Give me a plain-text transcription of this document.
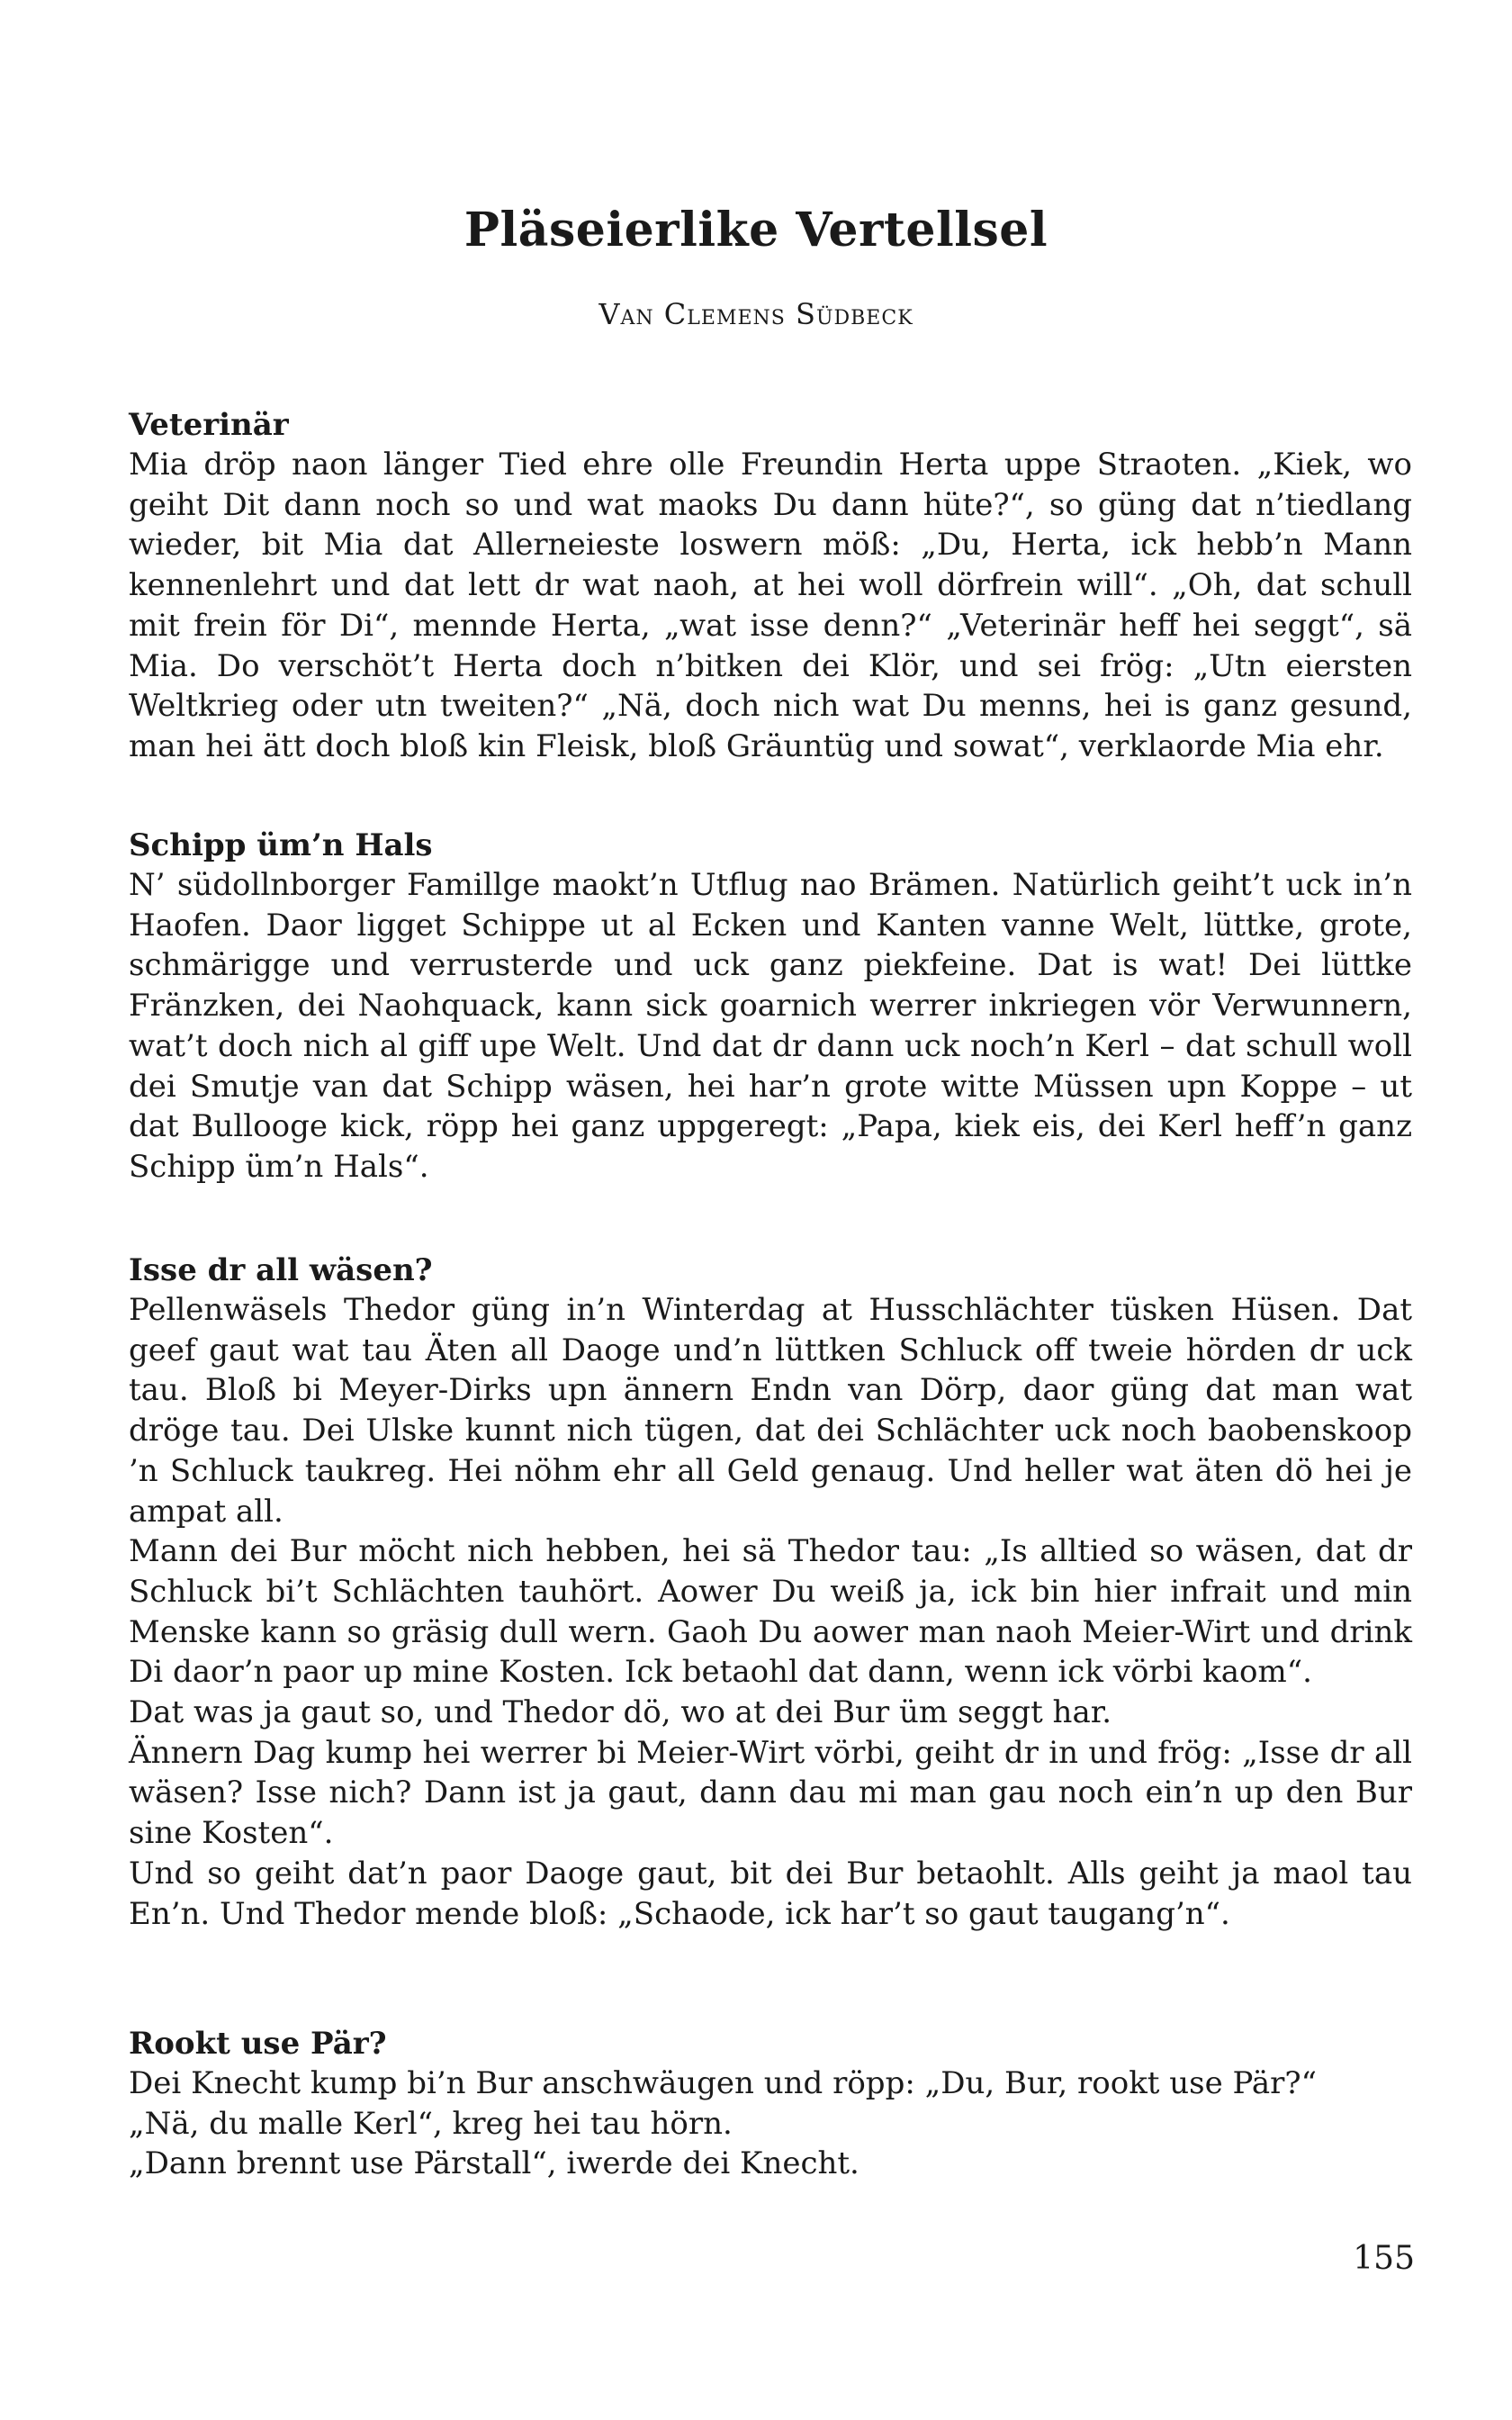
Pläseierlike Vertellsel
Van Clemens Südbeck
Veterinär

Mia dröp naon länger Tied ehre olle Freundin Herta uppe Straoten. „Kiek, wo geiht Dit dann noch so und wat maoks Du dann hüte?“, so güng dat n’tiedlang wieder, bit Mia dat Allerneieste loswern möß: „Du, Herta, ick hebb’n Mann kennenlehrt und dat lett dr wat naoh, at hei woll dörfrein will“. „Oh, dat schull mit frein för Di“, mennde Herta, „wat isse denn?“ „Veterinär heff hei seggt“, sä Mia. Do verschöt’t Herta doch n’bitken dei Klör, und sei frög: „Utn eiersten Weltkrieg oder utn tweiten?“ „Nä, doch nich wat Du menns, hei is ganz gesund, man hei ätt doch bloß kin Fleisk, bloß Gräuntüg und sowat“, verklaorde Mia ehr.

Schipp üm’n Hals

N’ südollnborger Famillge maokt’n Utflug nao Brämen. Natürlich geiht’t uck in’n Haofen. Daor ligget Schippe ut al Ecken und Kanten vanne Welt, lüttke, grote, schmärigge und verrusterde und uck ganz piekfeine. Dat is wat! Dei lüttke Fränzken, dei Naohquack, kann sick goarnich werrer inkriegen vör Verwunnern, wat’t doch nich al giff upe Welt. Und dat dr dann uck noch’n Kerl – dat schull woll dei Smutje van dat Schipp wäsen, hei har’n grote witte Müssen upn Koppe – ut dat Bullooge kick, röpp hei ganz uppgeregt: „Papa, kiek eis, dei Kerl heff’n ganz Schipp üm’n Hals“.

Isse dr all wäsen?

Pellenwäsels Thedor güng in’n Winterdag at Husschlächter tüsken Hüsen. Dat geef gaut wat tau Äten all Daoge und’n lüttken Schluck off tweie hörden dr uck tau. Bloß bi Meyer-Dirks upn ännern Endn van Dörp, daor güng dat man wat dröge tau. Dei Ulske kunnt nich tügen, dat dei Schlächter uck noch baobenskoop ’n Schluck taukreg. Hei nöhm ehr all Geld genaug. Und heller wat äten dö hei je ampat all.

Mann dei Bur möcht nich hebben, hei sä Thedor tau: „Is alltied so wäsen, dat dr Schluck bi’t Schlächten tauhört. Aower Du weiß ja, ick bin hier infrait und min Menske kann so gräsig dull wern. Gaoh Du aower man naoh Meier-Wirt und drink Di daor’n paor up mine Kosten. Ick betaohl dat dann, wenn ick vörbi kaom“.

Dat was ja gaut so, und Thedor dö, wo at dei Bur üm seggt har.

Ännern Dag kump hei werrer bi Meier-Wirt vörbi, geiht dr in und frög: „Isse dr all wäsen? Isse nich? Dann ist ja gaut, dann dau mi man gau noch ein’n up den Bur sine Kosten“.

Und so geiht dat’n paor Daoge gaut, bit dei Bur betaohlt. Alls geiht ja maol tau En’n. Und Thedor mende bloß: „Schaode, ick har’t so gaut taugang’n“.

Rookt use Pär?

Dei Knecht kump bi’n Bur anschwäugen und röpp: „Du, Bur, rookt use Pär?“

„Nä, du malle Kerl“, kreg hei tau hörn.

„Dann brennt use Pärstall“, iwerde dei Knecht.

155
